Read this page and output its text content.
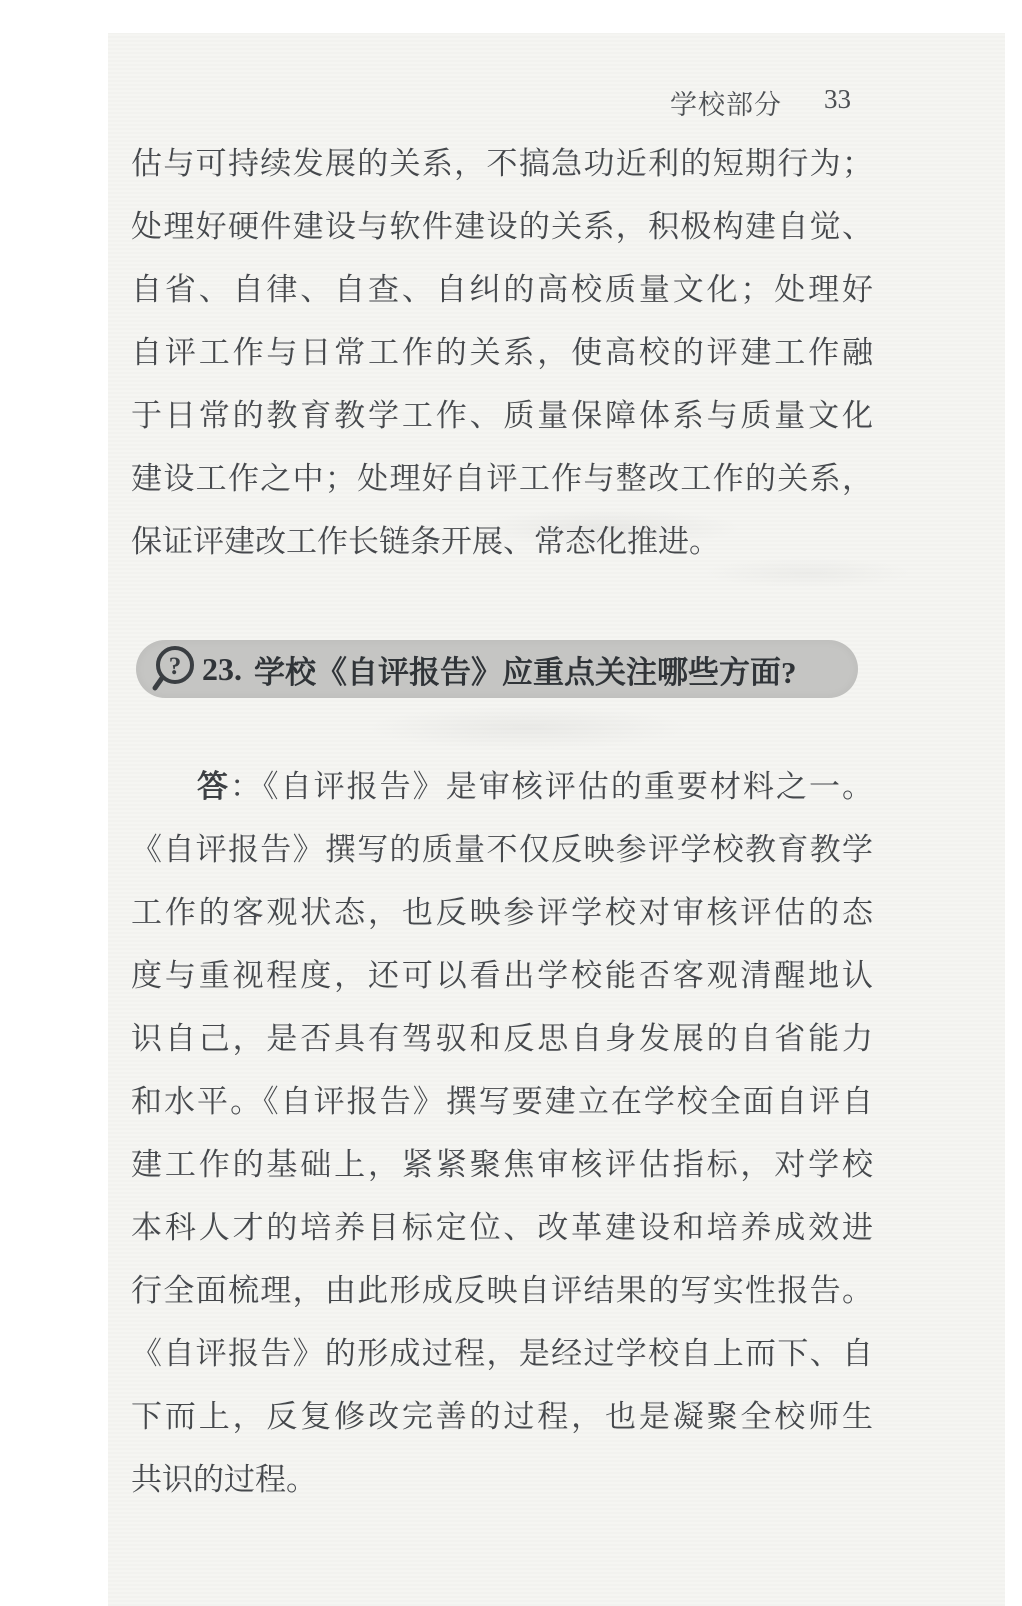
学校部分 33
估与可持续发展的关系，不搞急功近利的短期行为；
处理好硬件建设与软件建设的关系，积极构建自觉、
自省、自律、自查、自纠的高校质量文化；处理好
自评工作与日常工作的关系，使高校的评建工作融
于日常的教育教学工作、质量保障体系与质量文化
建设工作之中；处理好自评工作与整改工作的关系，
保证评建改工作长链条开展、常态化推进。
? 23. 学校《自评报告》应重点关注哪些方面?
答：《自评报告》是审核评估的重要材料之一。
《自评报告》撰写的质量不仅反映参评学校教育教学
工作的客观状态，也反映参评学校对审核评估的态
度与重视程度，还可以看出学校能否客观清醒地认
识自己，是否具有驾驭和反思自身发展的自省能力
和水平。《自评报告》撰写要建立在学校全面自评自
建工作的基础上，紧紧聚焦审核评估指标，对学校
本科人才的培养目标定位、改革建设和培养成效进
行全面梳理，由此形成反映自评结果的写实性报告。
《自评报告》的形成过程，是经过学校自上而下、自
下而上，反复修改完善的过程，也是凝聚全校师生
共识的过程。
